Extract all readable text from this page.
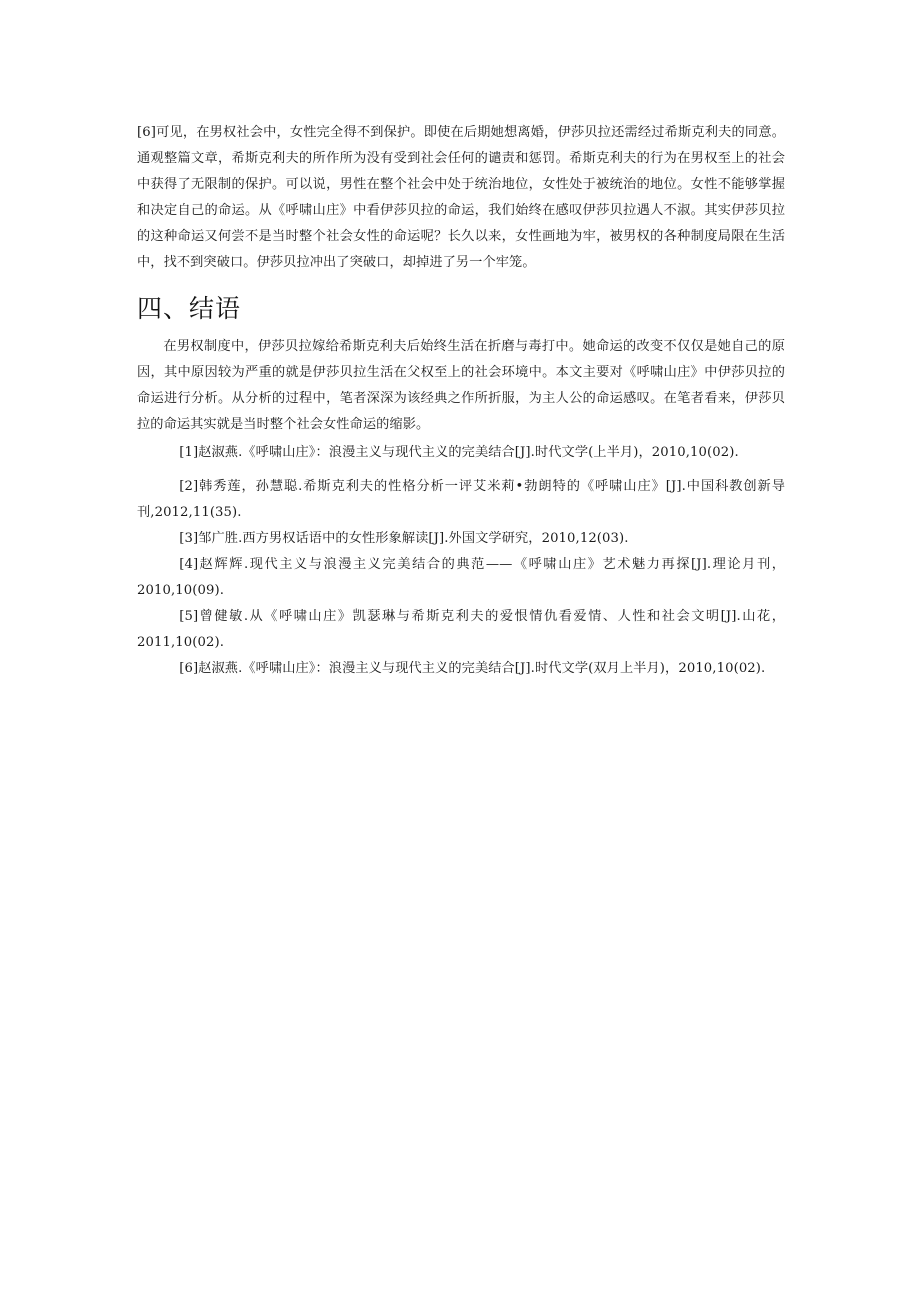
[6]可见，在男权社会中，女性完全得不到保护。即使在后期她想离婚，伊莎贝拉还需经过希斯克利夫的同意。通观整篇文章，希斯克利夫的所作所为没有受到社会任何的谴责和惩罚。希斯克利夫的行为在男权至上的社会中获得了无限制的保护。可以说，男性在整个社会中处于统治地位，女性处于被统治的地位。女性不能够掌握和决定自己的命运。从《呼啸山庄》中看伊莎贝拉的命运，我们始终在感叹伊莎贝拉遇人不淑。其实伊莎贝拉的这种命运又何尝不是当时整个社会女性的命运呢？长久以来，女性画地为牢，被男权的各种制度局限在生活中，找不到突破口。伊莎贝拉冲出了突破口，却掉进了另一个牢笼。

四、结语

在男权制度中，伊莎贝拉嫁给希斯克利夫后始终生活在折磨与毒打中。她命运的改变不仅仅是她自己的原因，其中原因较为严重的就是伊莎贝拉生活在父权至上的社会环境中。本文主要对《呼啸山庄》中伊莎贝拉的命运进行分析。从分析的过程中，笔者深深为该经典之作所折服，为主人公的命运感叹。在笔者看来，伊莎贝拉的命运其实就是当时整个社会女性命运的缩影。

[1]赵淑燕.《呼啸山庄》：浪漫主义与现代主义的完美结合[J].时代文学(上半月)，2010,10(02).

[2]韩秀莲，孙慧聪.希斯克利夫的性格分析一评艾米莉•勃朗特的《呼啸山庄》[J].中国科教创新导刊,2012,11(35).

[3]邹广胜.西方男权话语中的女性形象解读[J].外国文学研究，2010,12(03).

[4]赵辉辉.现代主义与浪漫主义完美结合的典范——《呼啸山庄》艺术魅力再探[J].理论月刊，2010,10(09).

[5]曾健敏.从《呼啸山庄》凯瑟琳与希斯克利夫的爱恨情仇看爱情、人性和社会文明[J].山花，2011,10(02).

[6]赵淑燕.《呼啸山庄》：浪漫主义与现代主义的完美结合[J].时代文学(双月上半月)，2010,10(02).
